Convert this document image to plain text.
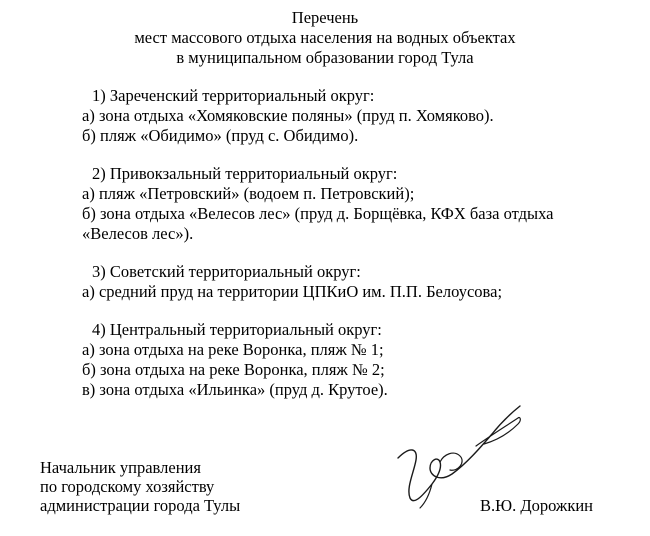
Перечень
мест массового отдыха населения на водных объектах
в муниципальном образовании город Тула
1) Зареченский территориальный округ:
а) зона отдыха «Хомяковские поляны» (пруд п. Хомяково).
б) пляж «Обидимо» (пруд с. Обидимо).
2) Привокзальный территориальный округ:
а) пляж «Петровский» (водоем п. Петровский);
б) зона отдыха «Велесов лес» (пруд д. Борщёвка, КФХ база отдыха
«Велесов лес»).
3) Советский территориальный округ:
а) средний пруд на территории ЦПКиО им. П.П. Белоусова;
4) Центральный территориальный округ:
а) зона отдыха на реке Воронка, пляж № 1;
б) зона отдыха на реке Воронка, пляж № 2;
в) зона отдыха «Ильинка» (пруд д. Крутое).
Начальник управления
по городскому хозяйству
администрации города Тулы	В.Ю. Дорожкин
